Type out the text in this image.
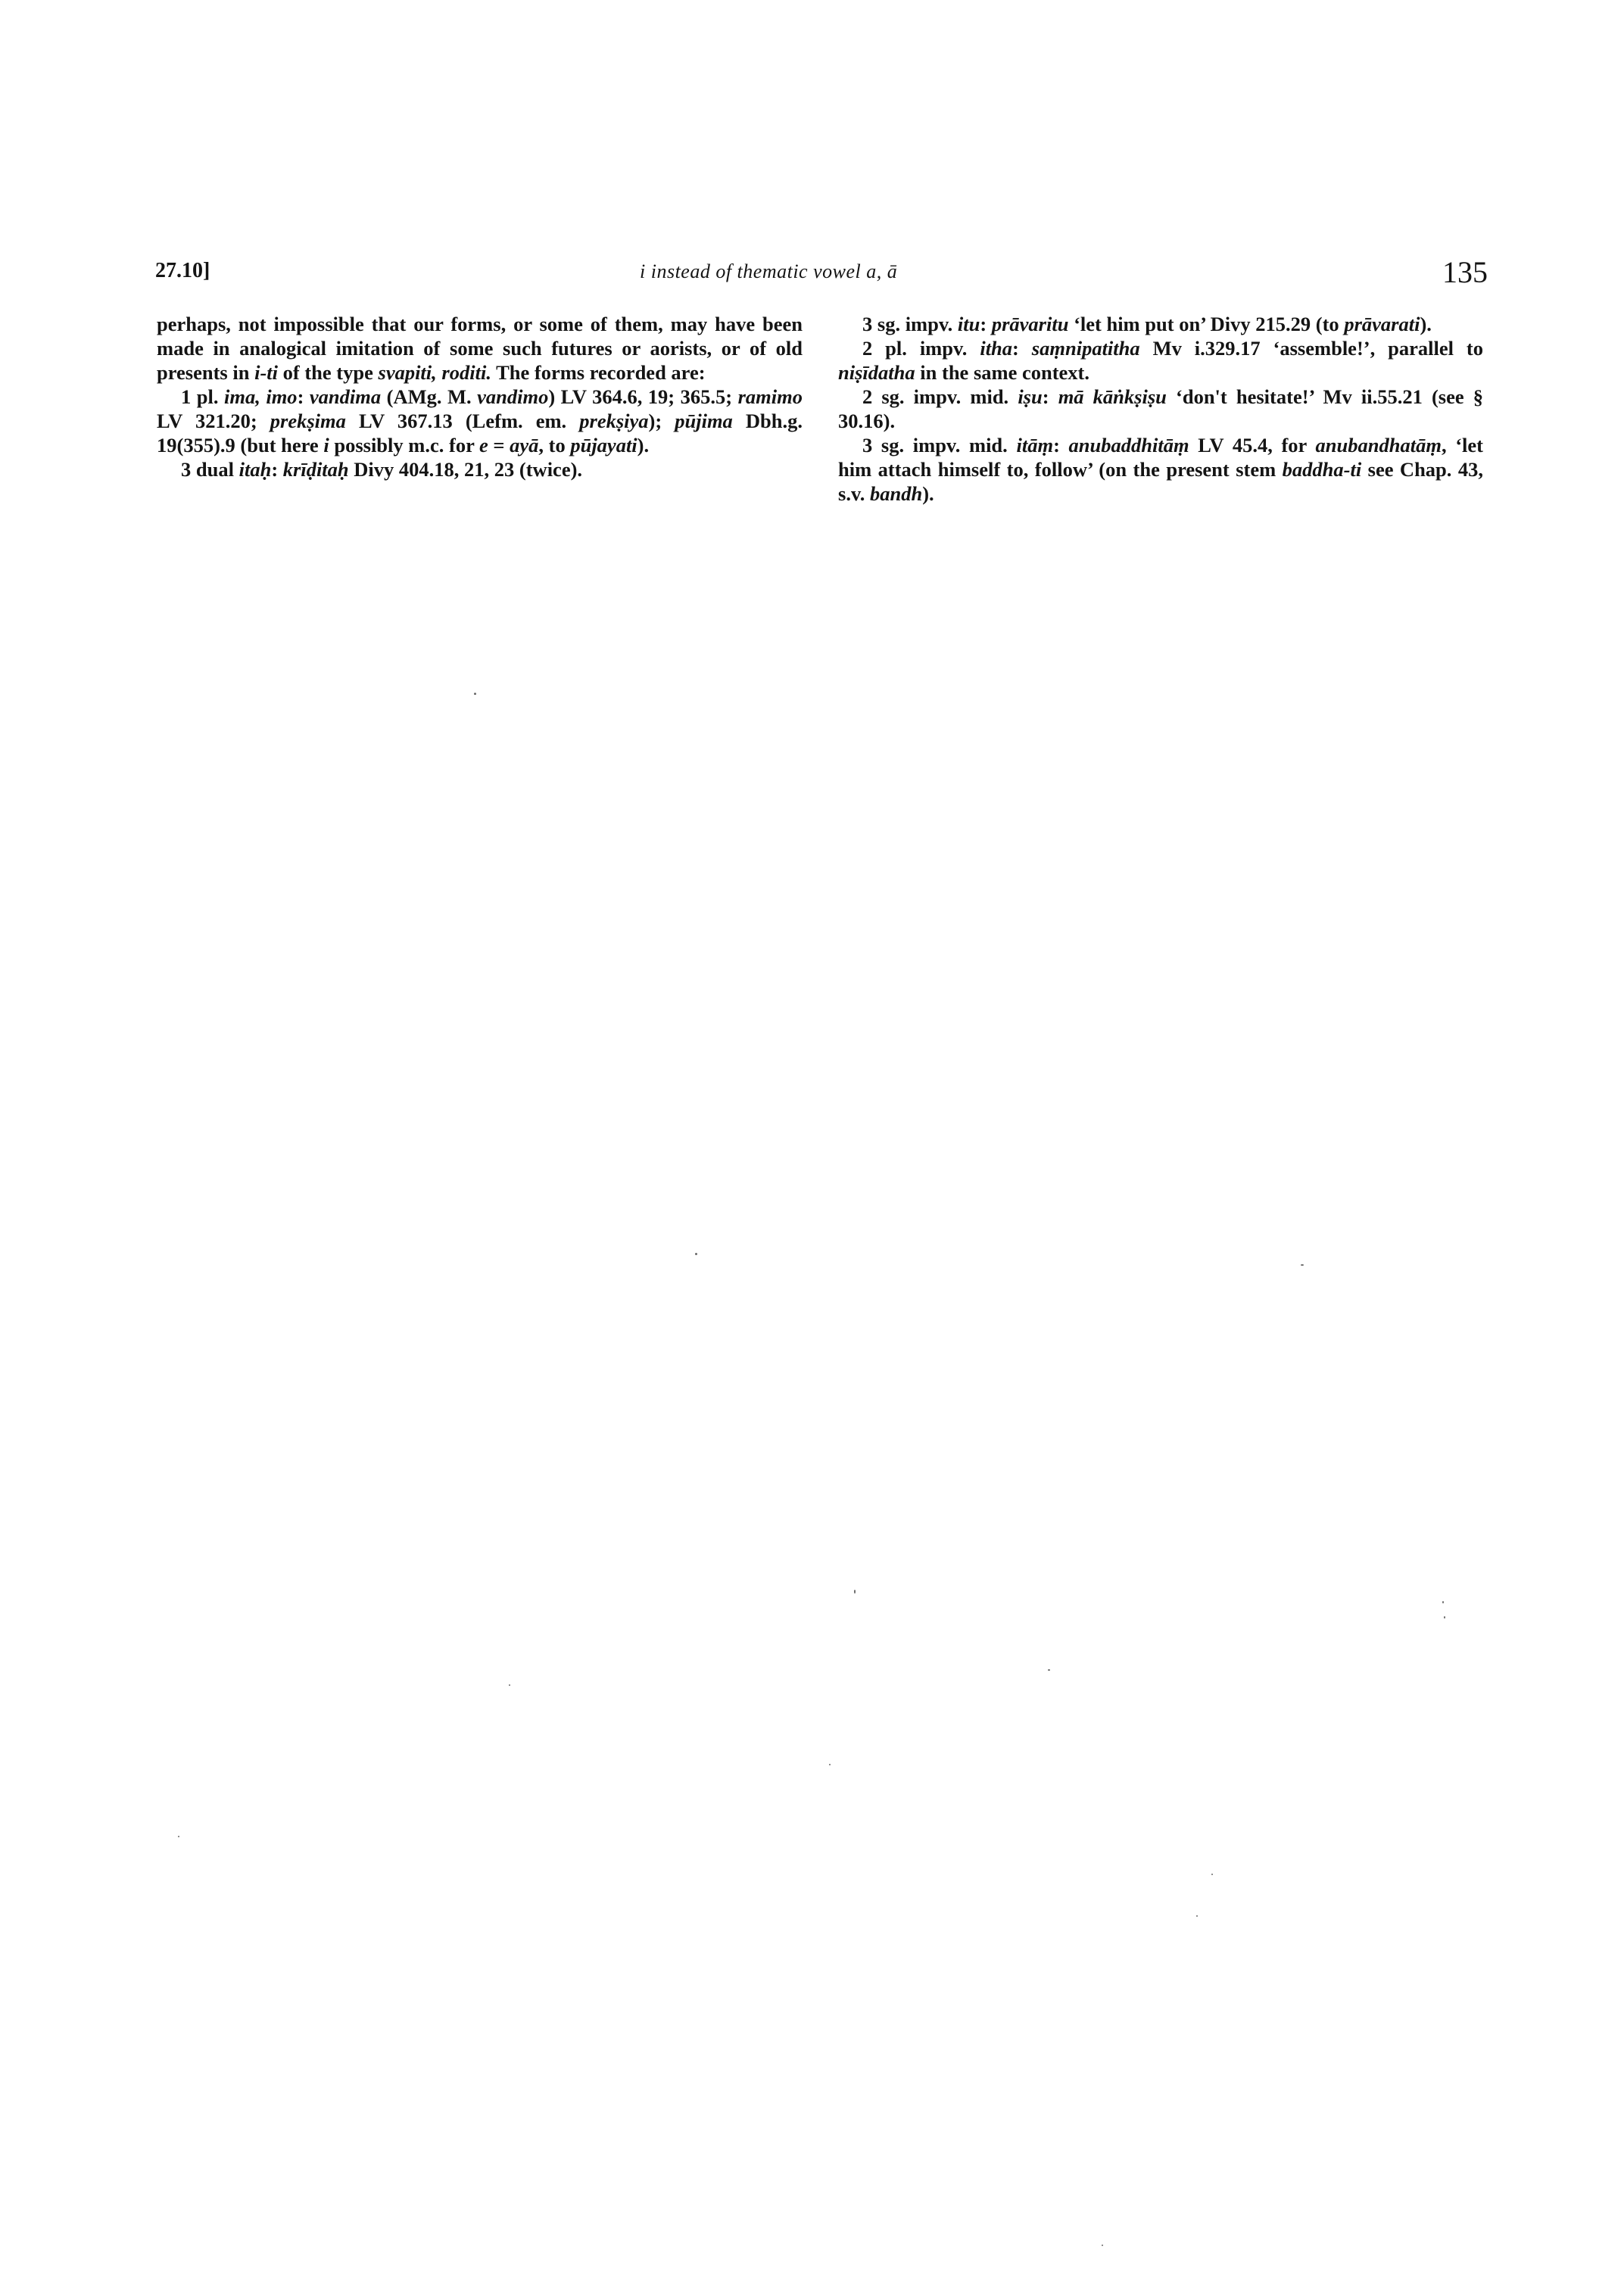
27.10]	i instead of thematic vowel a, ā	135

perhaps, not impossible that our forms, or some of them, may have been made in analogical imitation of some such futures or aorists, or of old presents in i-ti of the type svapiti, roditi. The forms recorded are:

1 pl. ima, imo: vandima (AMg. M. vandimo) LV 364.6, 19; 365.5; ramimo LV 321.20; prekṣima LV 367.13 (Lefm. em. prekṣiya); pūjima Dbh.g. 19(355).9 (but here i possibly m.c. for e = ayā, to pūjayati).

3 dual itaḥ: krīḍitaḥ Divy 404.18, 21, 23 (twice).

3 sg. impv. itu: prāvaritu ‘let him put on’ Divy 215.29 (to prāvarati).

2 pl. impv. itha: saṃnipatitha Mv i.329.17 ‘assemble!’, parallel to niṣīdatha in the same context.

2 sg. impv. mid. iṣu: mā kāṅkṣiṣu ‘don't hesitate!’ Mv ii.55.21 (see § 30.16).

3 sg. impv. mid. itāṃ: anubaddhitāṃ LV 45.4, for anubandhatāṃ, ‘let him attach himself to, follow’ (on the present stem baddha-ti see Chap. 43, s.v. bandh).
